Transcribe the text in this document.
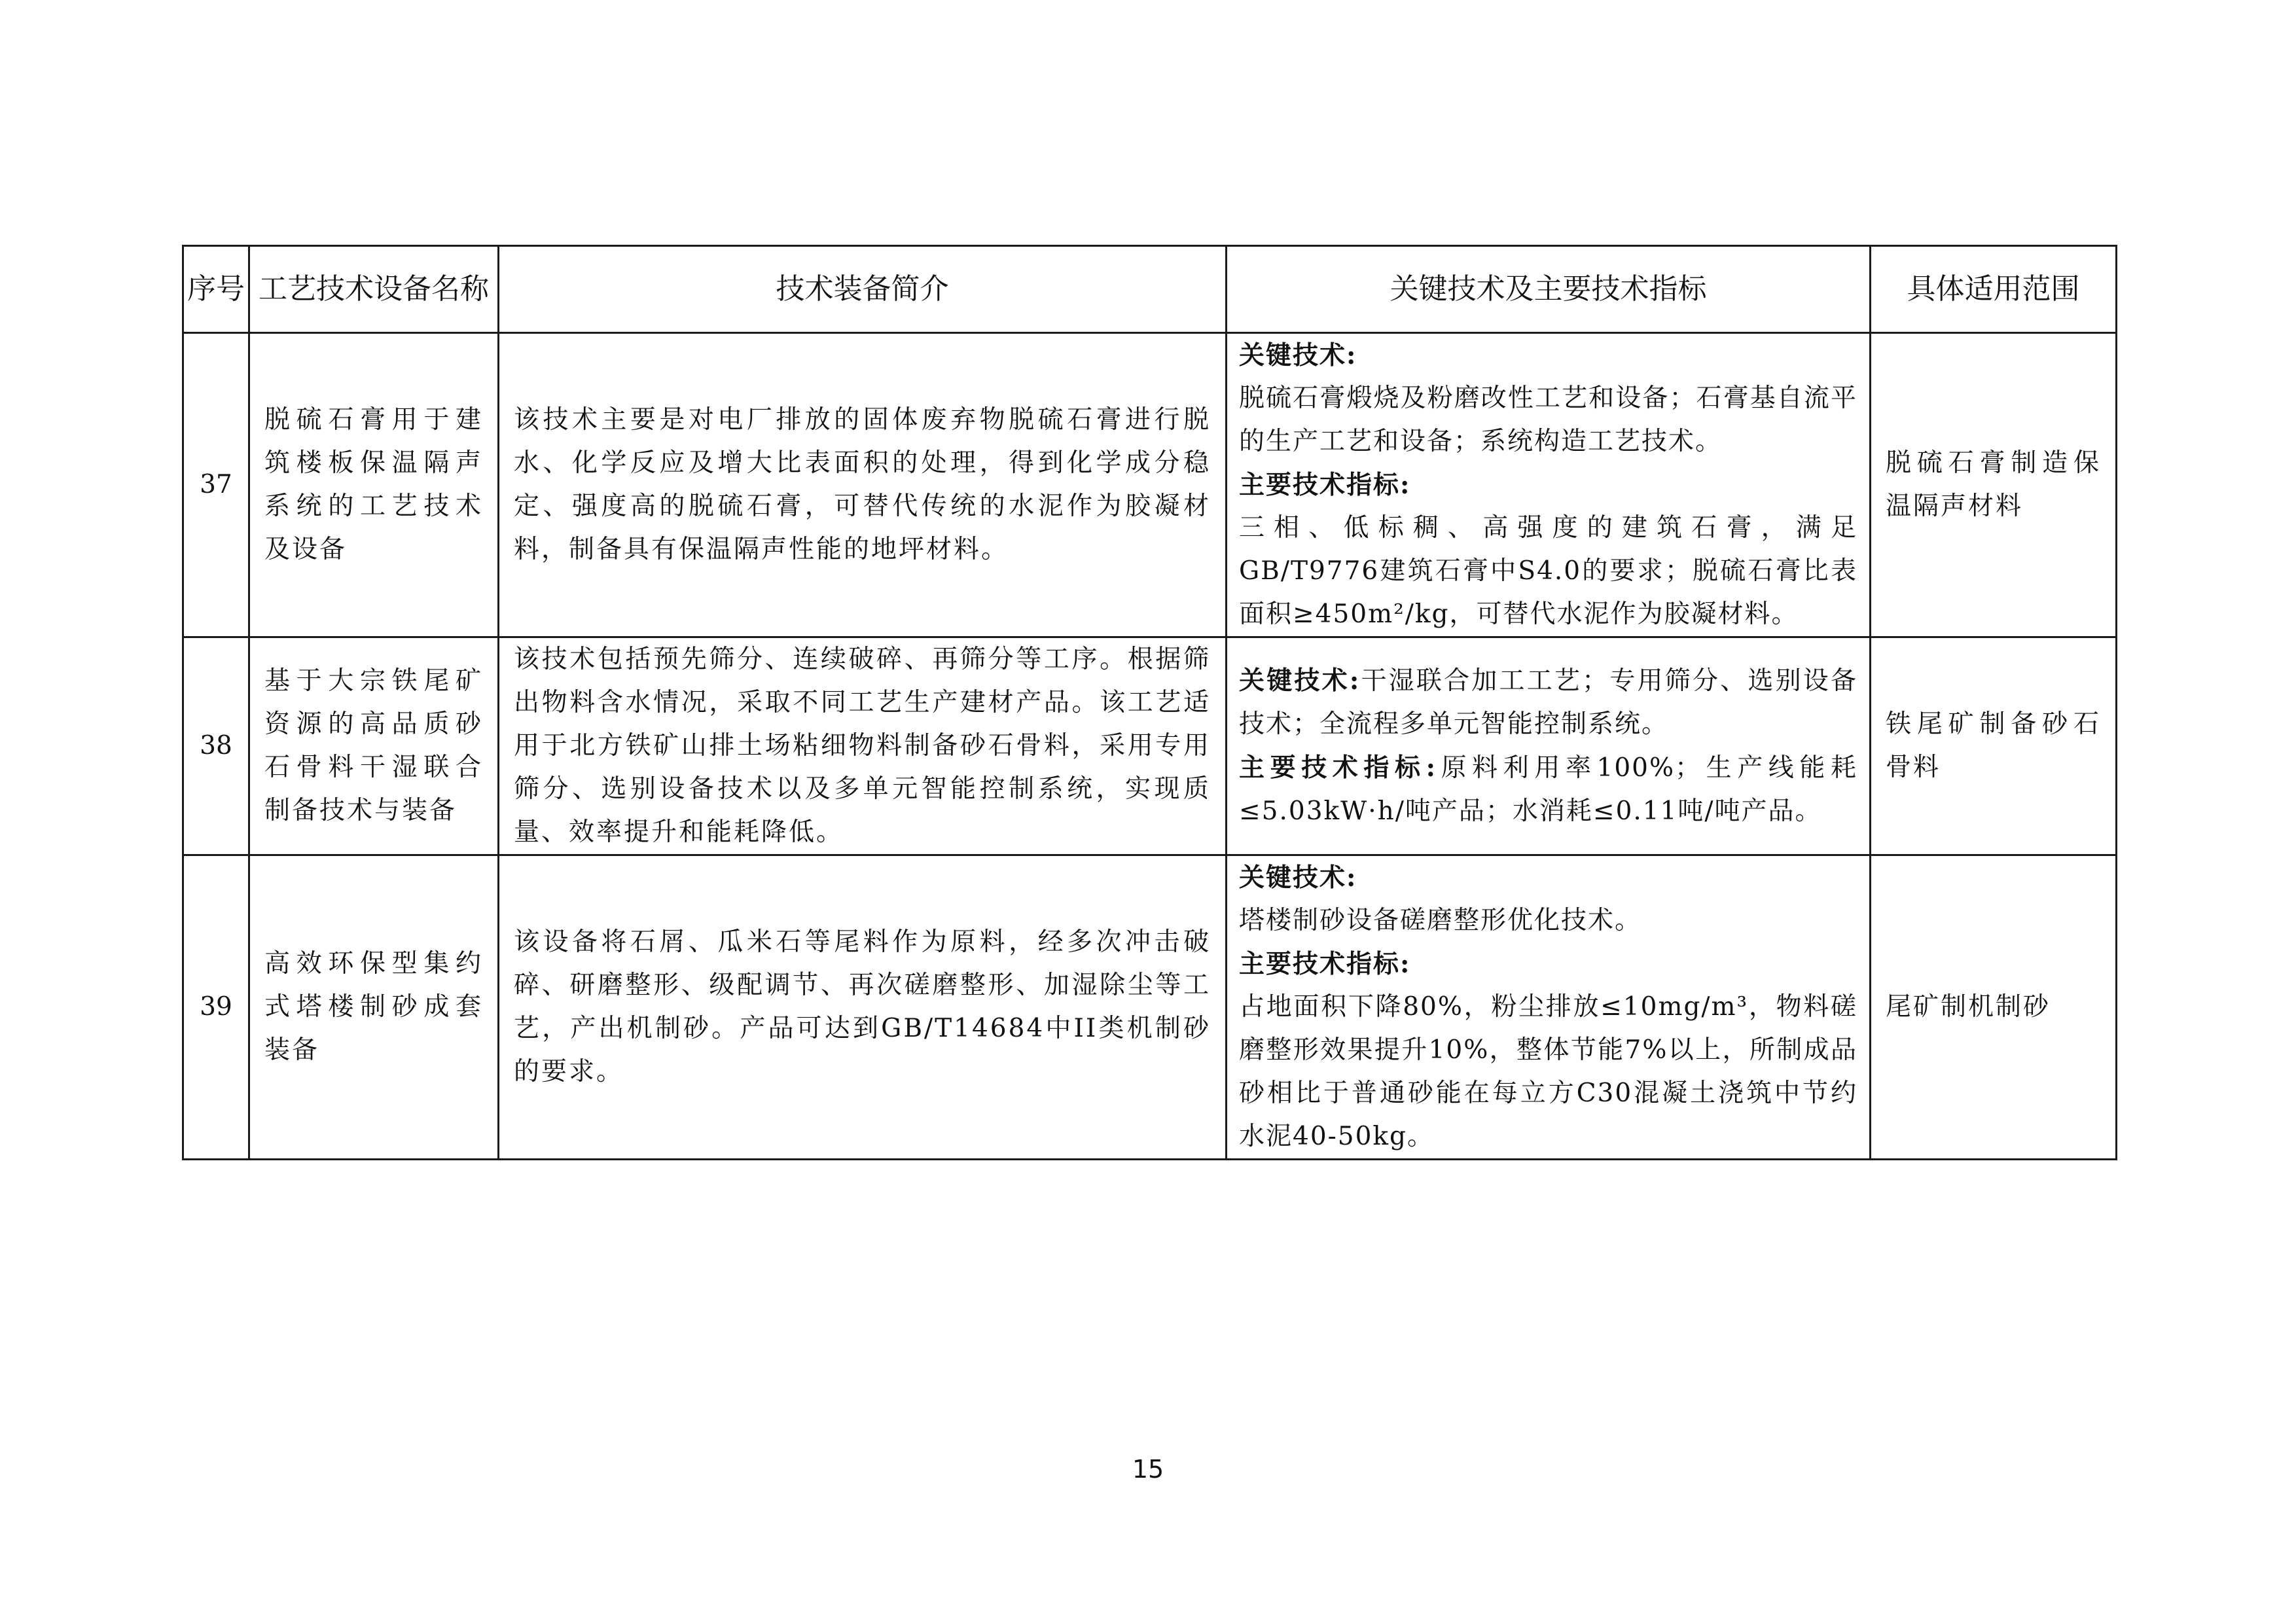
序号	工艺技术设备名称	技术装备简介	关键技术及主要技术指标	具体适用范围
37	脱硫石膏用于建筑楼板保温隔声系统的工艺技术及设备	该技术主要是对电厂排放的固体废弃物脱硫石膏进行脱水、化学反应及增大比表面积的处理，得到化学成分稳定、强度高的脱硫石膏，可替代传统的水泥作为胶凝材料，制备具有保温隔声性能的地坪材料。	关键技术:
脱硫石膏煅烧及粉磨改性工艺和设备；石膏基自流平的生产工艺和设备；系统构造工艺技术。
主要技术指标:
三相、低标稠、高强度的建筑石膏，满足GB/T9776建筑石膏中S4.0的要求；脱硫石膏比表面积≥450m²/kg，可替代水泥作为胶凝材料。	脱硫石膏制造保温隔声材料
38	基于大宗铁尾矿资源的高品质砂石骨料干湿联合制备技术与装备	该技术包括预先筛分、连续破碎、再筛分等工序。根据筛出物料含水情况，采取不同工艺生产建材产品。该工艺适用于北方铁矿山排土场粘细物料制备砂石骨料，采用专用筛分、选别设备技术以及多单元智能控制系统，实现质量、效率提升和能耗降低。	关键技术:干湿联合加工工艺；专用筛分、选别设备技术；全流程多单元智能控制系统。
主要技术指标:原料利用率100%；生产线能耗≤5.03kW·h/吨产品；水消耗≤0.11吨/吨产品。	铁尾矿制备砂石骨料
39	高效环保型集约式塔楼制砂成套装备	该设备将石屑、瓜米石等尾料作为原料，经多次冲击破碎、研磨整形、级配调节、再次磋磨整形、加湿除尘等工艺，产出机制砂。产品可达到GB/T14684中II类机制砂的要求。	关键技术:
塔楼制砂设备磋磨整形优化技术。
主要技术指标:
占地面积下降80%，粉尘排放≤10mg/m³，物料磋磨整形效果提升10%，整体节能7%以上，所制成品砂相比于普通砂能在每立方C30混凝土浇筑中节约水泥40-50kg。	尾矿制机制砂
15
